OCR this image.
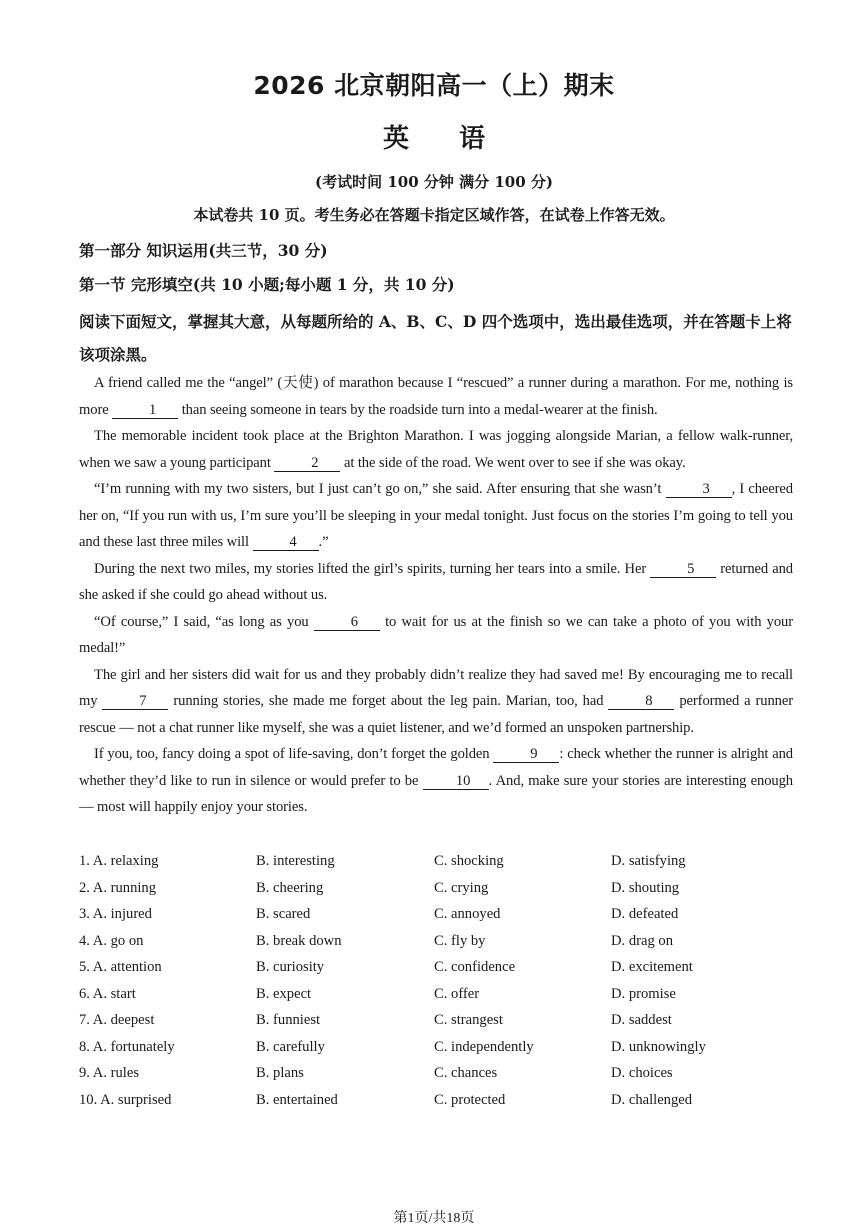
2026 北京朝阳高一（上）期末
英语
(考试时间 100 分钟 满分 100 分)
本试卷共 10 页。考生务必在答题卡指定区域作答，在试卷上作答无效。
第一部分 知识运用(共三节，30 分)
第一节 完形填空(共 10 小题;每小题 1 分，共 10 分)
阅读下面短文，掌握其大意，从每题所给的 A、B、C、D 四个选项中，选出最佳选项，并在答题卡上将该项涂黑。

A friend called me the “angel” (天使) of marathon because I “rescued” a runner during a marathon. For me, nothing is more	1 than seeing someone in tears by the roadside turn into a medal-wearer at the finish.

The memorable incident took place at the Brighton Marathon. I was jogging alongside Marian, a fellow walk-runner, when we saw a young participant	2 at the side of the road. We went over to see if she was okay.

“I’m running with my two sisters, but I just can’t go on,” she said. After ensuring that she wasn’t	3 , I cheered her on, “If you run with us, I’m sure you’ll be sleeping in your medal tonight. Just focus on the stories I’m going to tell you and these last three miles will	4 .”

During the next two miles, my stories lifted the girl’s spirits, turning her tears into a smile. Her	5 returned and she asked if she could go ahead without us.

“Of course,” I said, “as long as you	6 to wait for us at the finish so we can take a photo of you with your medal!”

The girl and her sisters did wait for us and they probably didn’t realize they had saved me! By encouraging me to recall my	7 running stories, she made me forget about the leg pain. Marian, too, had	8 performed a runner rescue — not a chat runner like myself, she was a quiet listener, and we’d formed an unspoken partnership.

If you, too, fancy doing a spot of life-saving, don’t forget the golden	9 : check whether the runner is alright and whether they’d like to run in silence or would prefer to be 10 . And, make sure your stories are interesting enough — most will happily enjoy your stories.

1. A. relaxing	B. interesting	C. shocking	D. satisfying
2. A. running	B. cheering	C. crying	D. shouting
3. A. injured	B. scared	C. annoyed	D. defeated
4. A. go on	B. break down	C. fly by	D. drag on
5. A. attention	B. curiosity	C. confidence	D. excitement
6. A. start	B. expect	C. offer	D. promise
7. A. deepest	B. funniest	C. strangest	D. saddest
8. A. fortunately	B. carefully	C. independently	D. unknowingly
9. A. rules	B. plans	C. chances	D. choices
10. A. surprised	B. entertained	C. protected	D. challenged
第1页/共18页
